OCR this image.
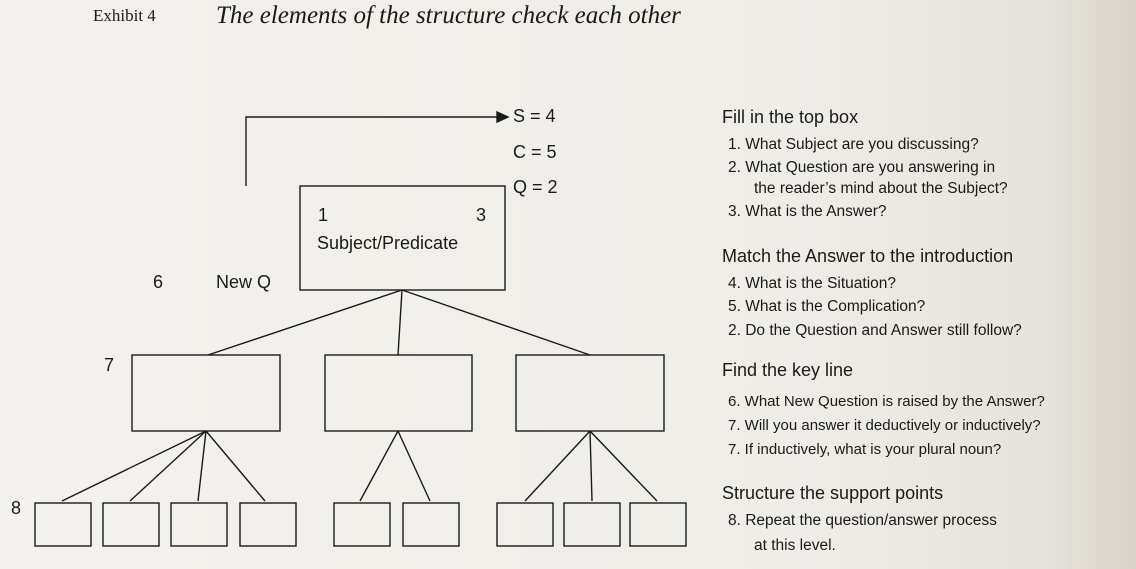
Exhibit 4 The elements of the structure check each other
S = 4
C = 5
Q = 2
1	3
Subject/Predicate
6	New Q
7
8
Fill in the top box
1. What Subject are you discussing?
2. What Question are you answering in
the reader’s mind about the Subject?
3. What is the Answer?
Match the Answer to the introduction
4. What is the Situation?
5. What is the Complication?
2. Do the Question and Answer still follow?
Find the key line
6. What New Question is raised by the Answer?
7. Will you answer it deductively or inductively?
7. If inductively, what is your plural noun?
Structure the support points
8. Repeat the question/answer process
at this level.
